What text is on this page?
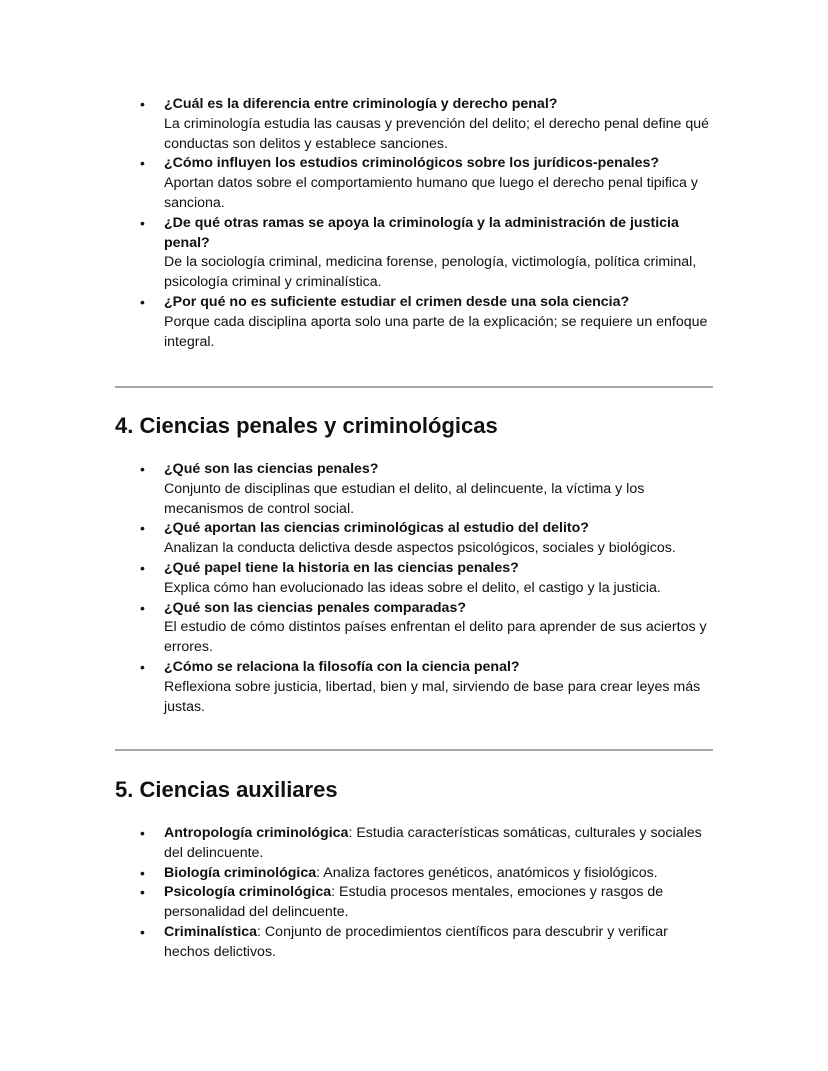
•	¿Cuál es la diferencia entre criminología y derecho penal?
La criminología estudia las causas y prevención del delito; el derecho penal define qué conductas son delitos y establece sanciones.
•	¿Cómo influyen los estudios criminológicos sobre los jurídicos-penales?
Aportan datos sobre el comportamiento humano que luego el derecho penal tipifica y sanciona.
•	¿De qué otras ramas se apoya la criminología y la administración de justicia penal?
De la sociología criminal, medicina forense, penología, victimología, política criminal, psicología criminal y criminalística.
•	¿Por qué no es suficiente estudiar el crimen desde una sola ciencia?
Porque cada disciplina aporta solo una parte de la explicación; se requiere un enfoque integral.
4. Ciencias penales y criminológicas
•	¿Qué son las ciencias penales?
Conjunto de disciplinas que estudian el delito, al delincuente, la víctima y los mecanismos de control social.
•	¿Qué aportan las ciencias criminológicas al estudio del delito?
Analizan la conducta delictiva desde aspectos psicológicos, sociales y biológicos.
•	¿Qué papel tiene la historia en las ciencias penales?
Explica cómo han evolucionado las ideas sobre el delito, el castigo y la justicia.
•	¿Qué son las ciencias penales comparadas?
El estudio de cómo distintos países enfrentan el delito para aprender de sus aciertos y errores.
•	¿Cómo se relaciona la filosofía con la ciencia penal?
Reflexiona sobre justicia, libertad, bien y mal, sirviendo de base para crear leyes más justas.
5. Ciencias auxiliares
•	Antropología criminológica: Estudia características somáticas, culturales y sociales del delincuente.
•	Biología criminológica: Analiza factores genéticos, anatómicos y fisiológicos.
•	Psicología criminológica: Estudia procesos mentales, emociones y rasgos de personalidad del delincuente.
•	Criminalística: Conjunto de procedimientos científicos para descubrir y verificar hechos delictivos.
